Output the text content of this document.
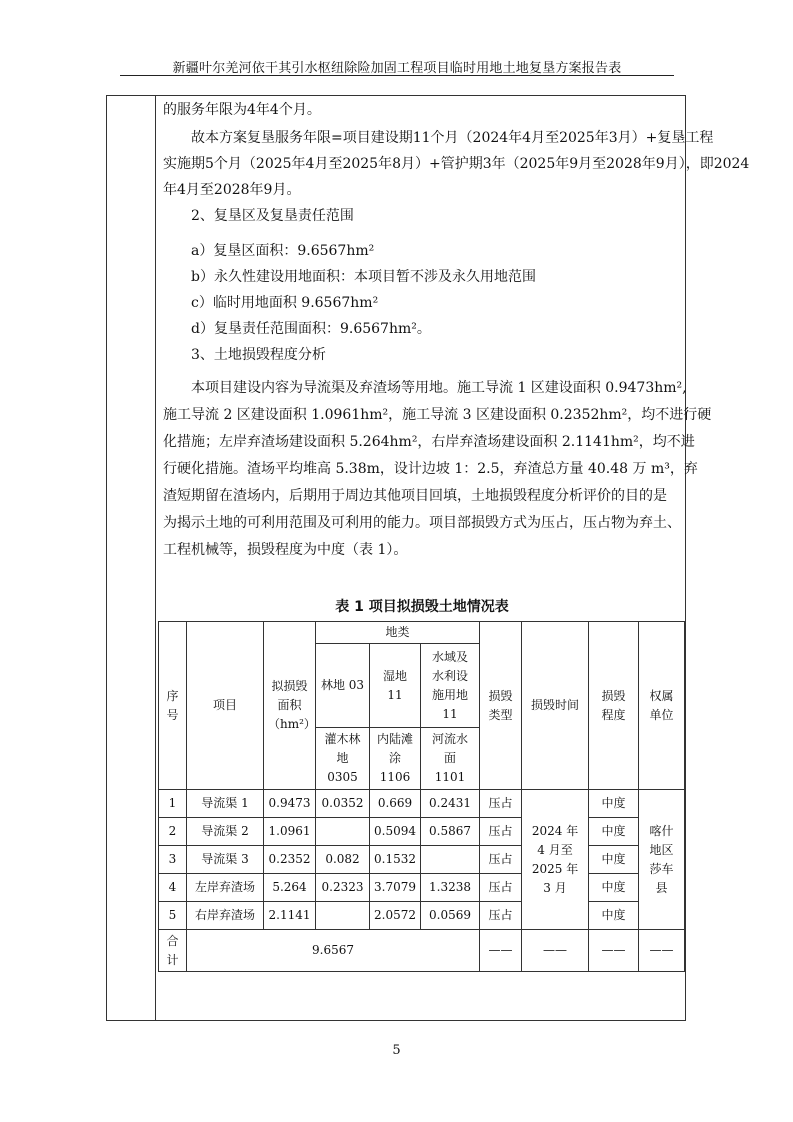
新疆叶尔羌河依干其引水枢纽除险加固工程项目临时用地土地复垦方案报告表
的服务年限为4年4个月。
故本方案复垦服务年限=项目建设期11个月（2024年4月至2025年3月）+复垦工程
实施期5个月（2025年4月至2025年8月）+管护期3年（2025年9月至2028年9月），即2024
年4月至2028年9月。
2、复垦区及复垦责任范围
a）复垦区面积：9.6567hm²
b）永久性建设用地面积：本项目暂不涉及永久用地范围
c）临时用地面积 9.6567hm²
d）复垦责任范围面积：9.6567hm²。
3、土地损毁程度分析
本项目建设内容为导流渠及弃渣场等用地。施工导流 1 区建设面积 0.9473hm²,
施工导流 2 区建设面积 1.0961hm²，施工导流 3 区建设面积 0.2352hm²，均不进行硬
化措施；左岸弃渣场建设面积 5.264hm²，右岸弃渣场建设面积 2.1141hm²，均不进
行硬化措施。渣场平均堆高 5.38m，设计边坡 1：2.5，弃渣总方量 40.48 万 m³，弃
渣短期留在渣场内，后期用于周边其他项目回填，土地损毁程度分析评价的目的是
为揭示土地的可利用范围及可利用的能力。项目部损毁方式为压占，压占物为弃土、
工程机械等，损毁程度为中度（表 1）。
表 1 项目拟损毁土地情况表
序号	项目	拟损毁面积（hm²）	地类			损毁类型	损毁时间	损毁程度	权属单位
			林地 03	湿地 11	水域及水利设施用地 11				
			灌木林地 0305	内陆滩涂 1106	河流水面 1101				
1	导流渠 1	0.9473	0.0352	0.669	0.2431	压占	2024 年 4 月至 2025 年 3 月	中度	喀什地区莎车县
2	导流渠 2	1.0961		0.5094	0.5867	压占		中度	
3	导流渠 3	0.2352	0.082	0.1532		压占		中度	
4	左岸弃渣场	5.264	0.2323	3.7079	1.3238	压占		中度	
5	右岸弃渣场	2.1141		2.0572	0.0569	压占		中度	
合计	9.6567					——	——	——	——
5
